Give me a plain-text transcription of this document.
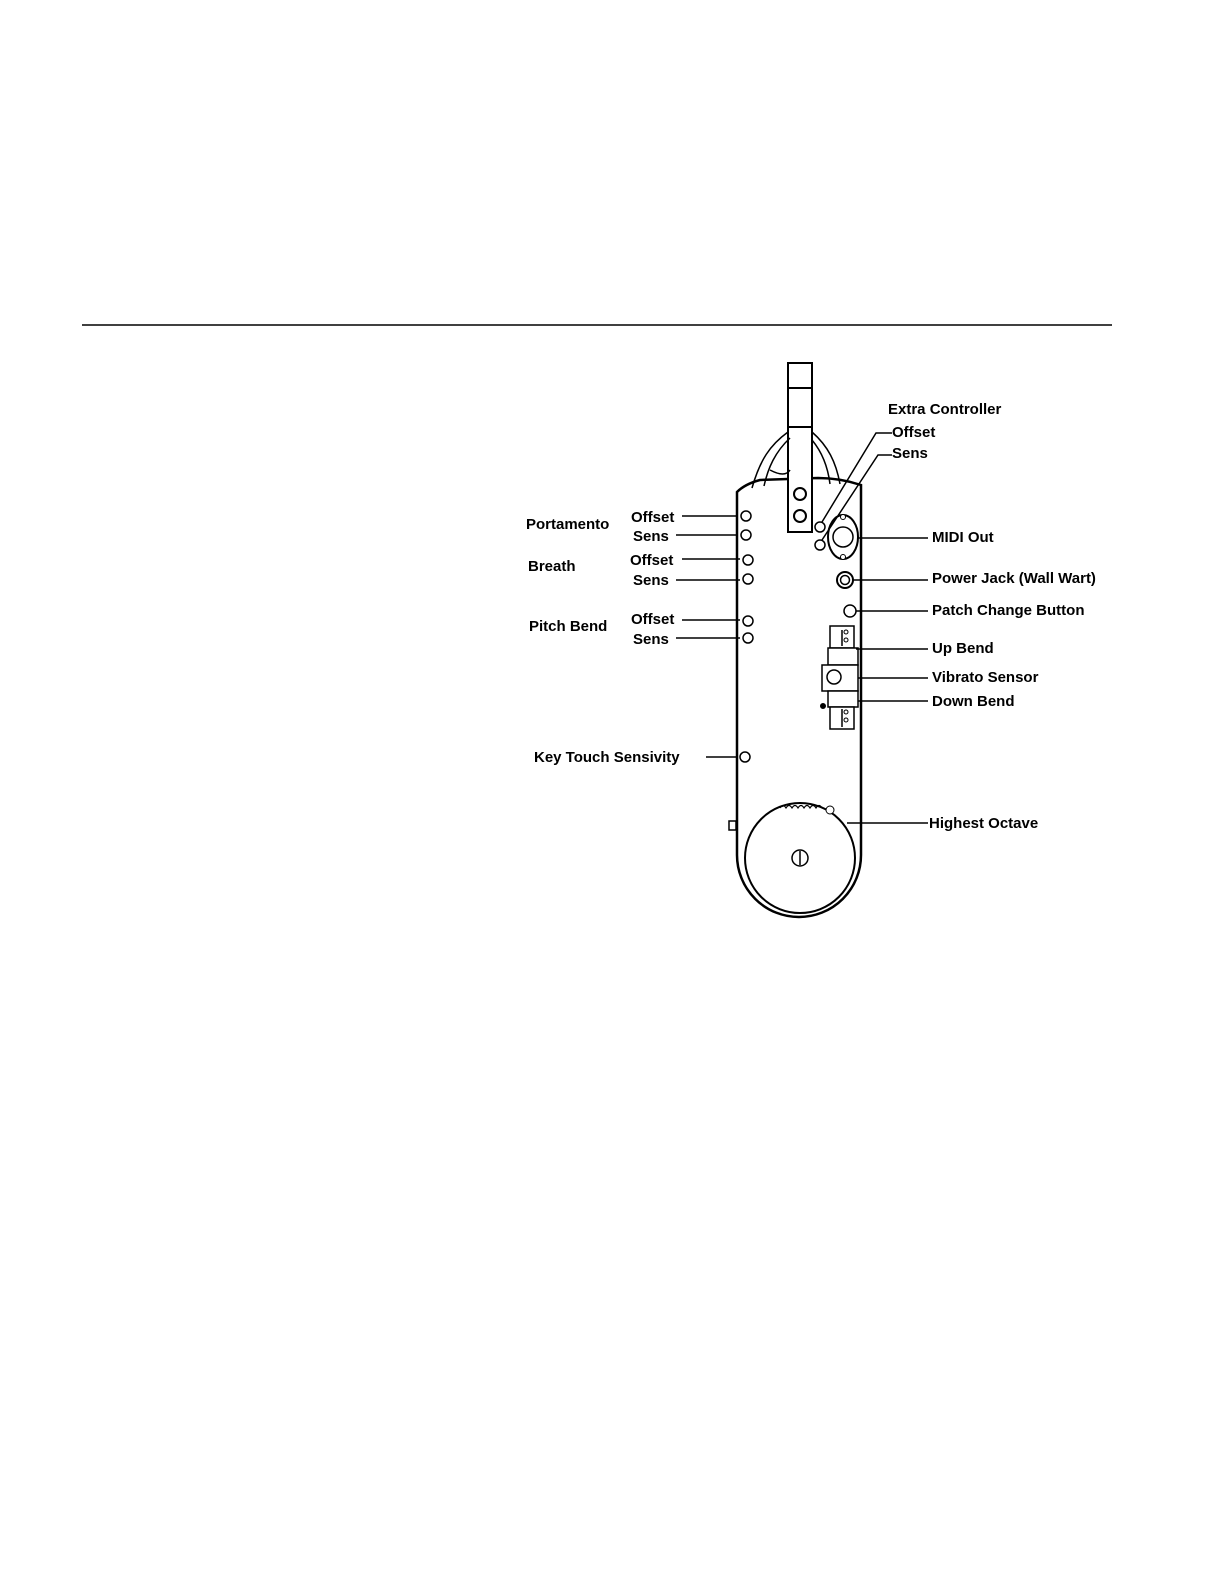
Extra Controller
Offset
Sens
Portamento Offset
Sens
Breath	Offset
Sens
Pitch Bend Offset
Sens
Key Touch Sensivity
MIDI Out
Power Jack (Wall Wart)
Patch Change Button
Up Bend
Vibrato Sensor
Down Bend
Highest Octave
